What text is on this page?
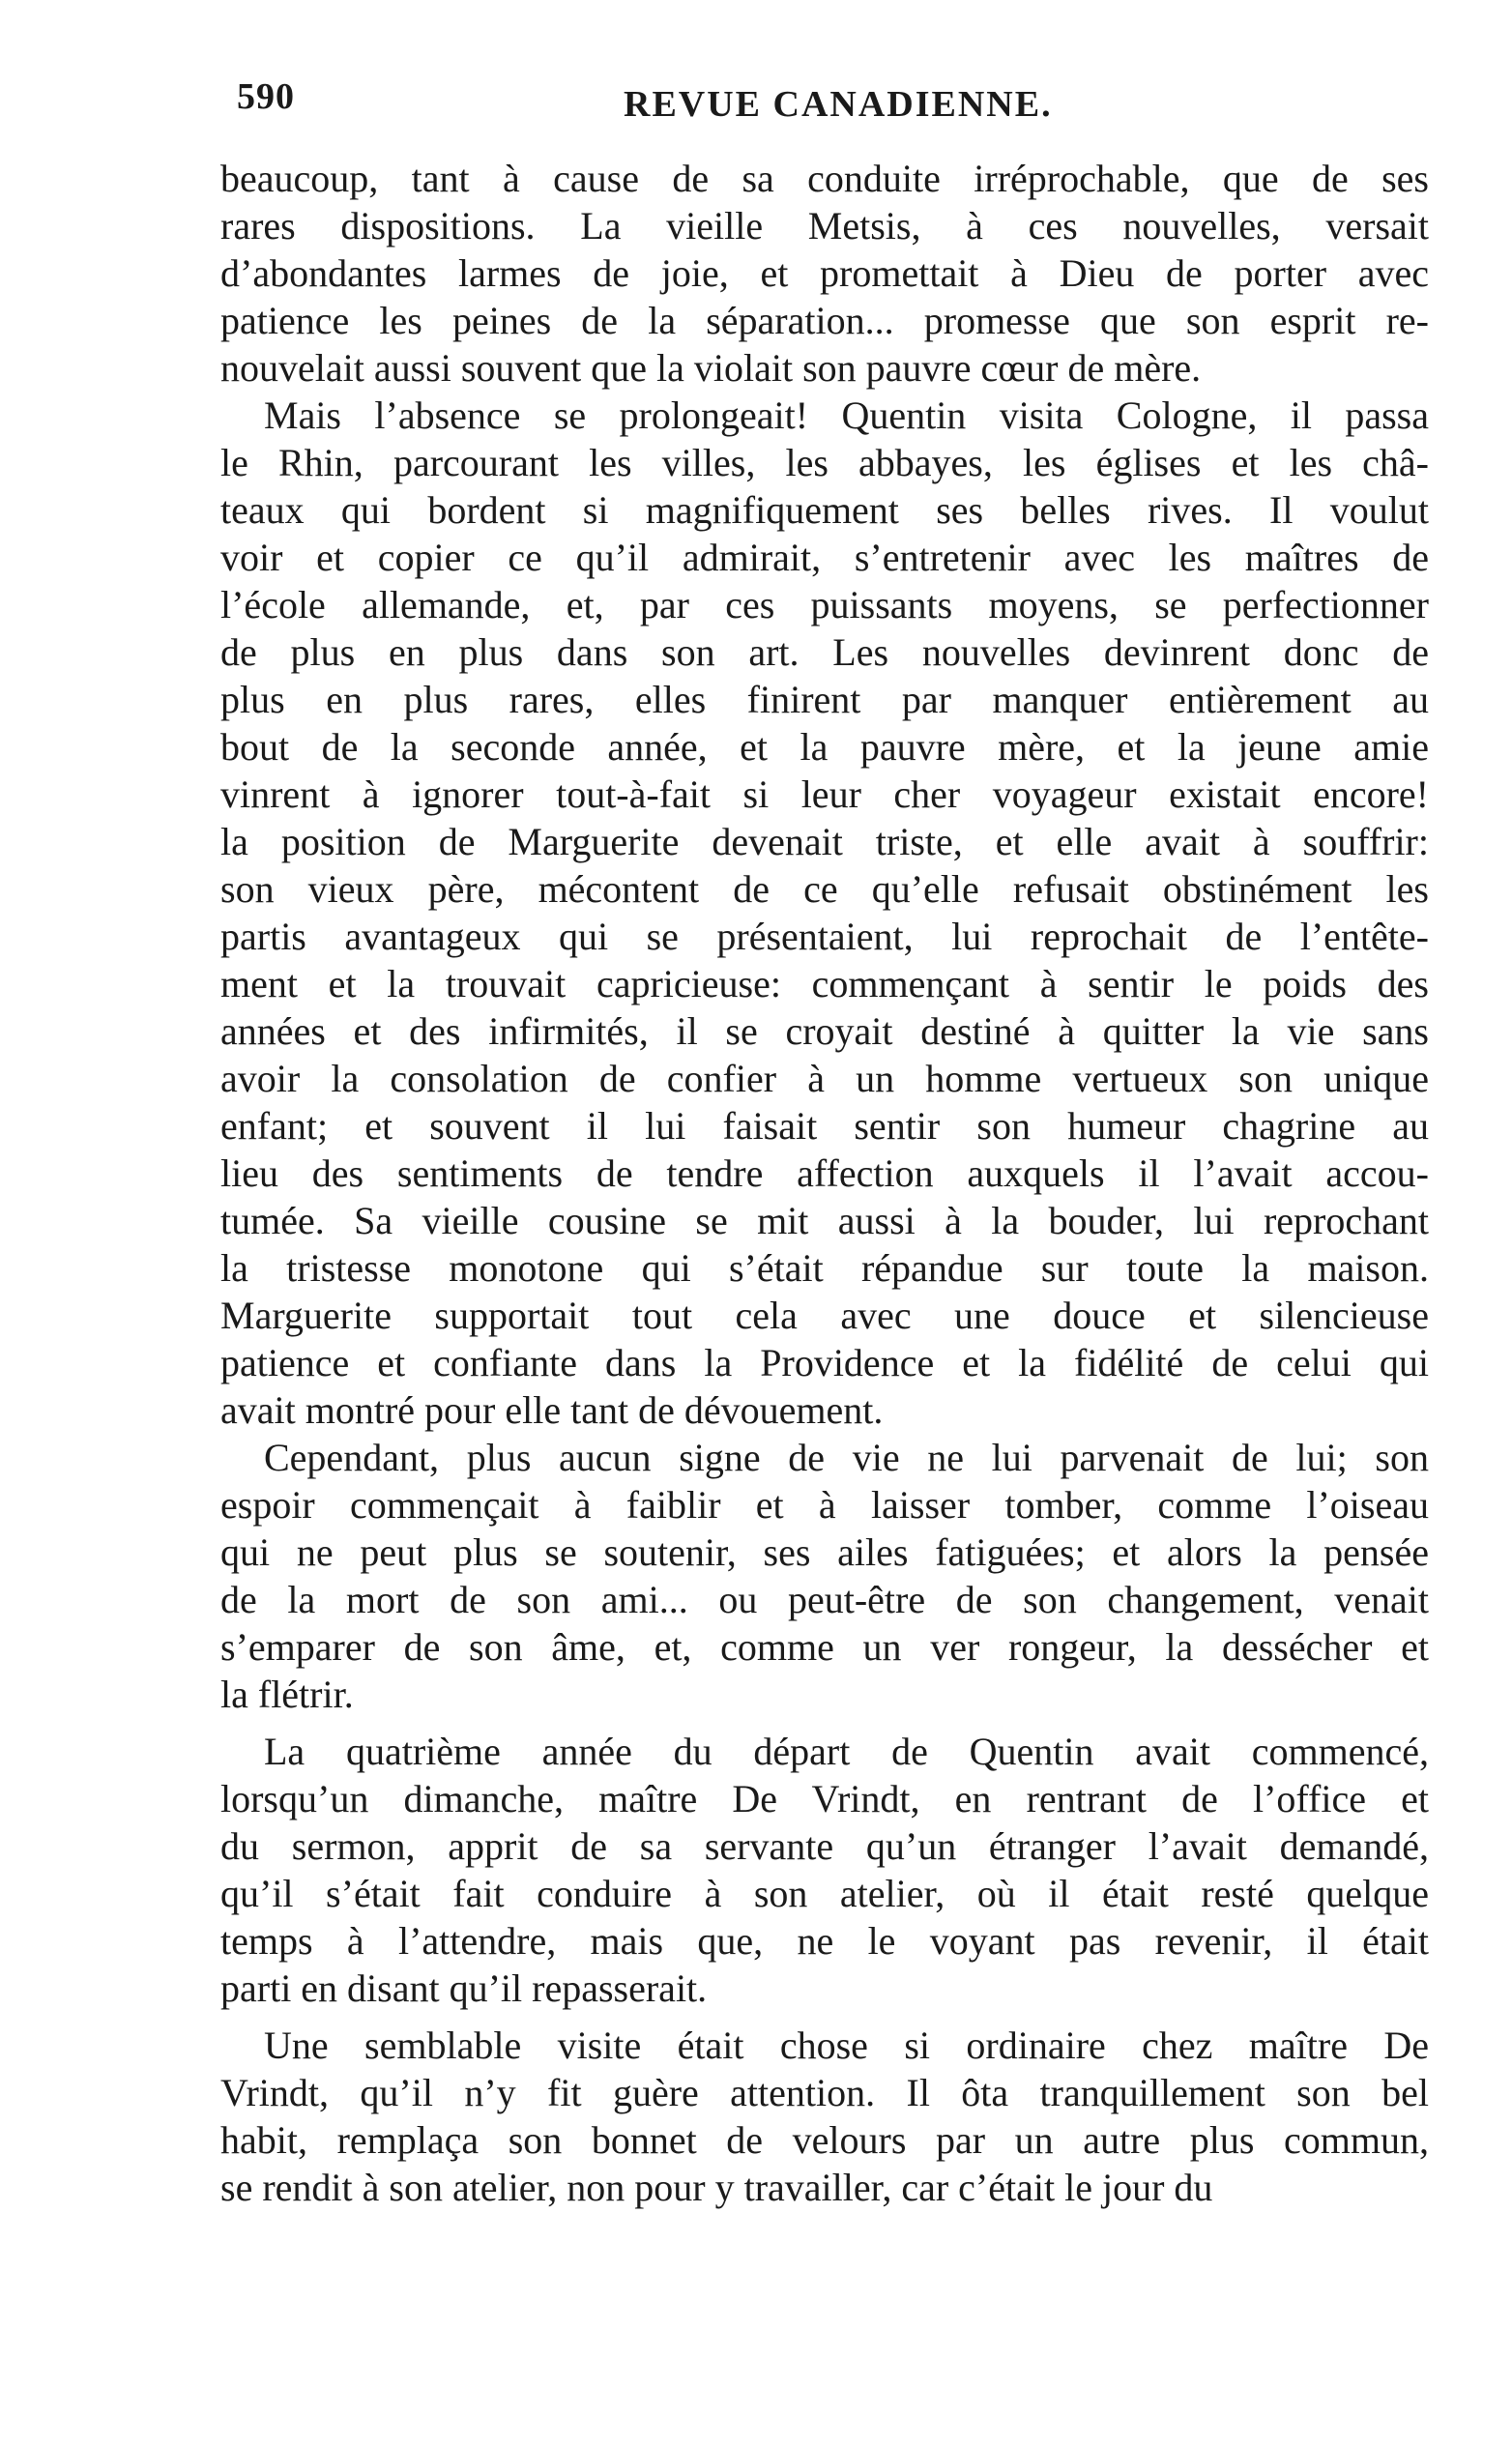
590	REVUE CANADIENNE.
beaucoup, tant à cause de sa conduite irréprochable, que de ses
rares dispositions. La vieille Metsis, à ces nouvelles, versait
d’abondantes larmes de joie, et promettait à Dieu de porter avec
patience les peines de la séparation... promesse que son esprit re-
nouvelait aussi souvent que la violait son pauvre cœur de mère.
Mais l’absence se prolongeait! Quentin visita Cologne, il passa
le Rhin, parcourant les villes, les abbayes, les églises et les châ-
teaux qui bordent si magnifiquement ses belles rives. Il voulut
voir et copier ce qu’il admirait, s’entretenir avec les maîtres de
l’école allemande, et, par ces puissants moyens, se perfectionner
de plus en plus dans son art. Les nouvelles devinrent donc de
plus en plus rares, elles finirent par manquer entièrement au
bout de la seconde année, et la pauvre mère, et la jeune amie
vinrent à ignorer tout-à-fait si leur cher voyageur existait encore!
la position de Marguerite devenait triste, et elle avait à souffrir:
son vieux père, mécontent de ce qu’elle refusait obstinément les
partis avantageux qui se présentaient, lui reprochait de l’entête-
ment et la trouvait capricieuse: commençant à sentir le poids des
années et des infirmités, il se croyait destiné à quitter la vie sans
avoir la consolation de confier à un homme vertueux son unique
enfant; et souvent il lui faisait sentir son humeur chagrine au
lieu des sentiments de tendre affection auxquels il l’avait accou-
tumée. Sa vieille cousine se mit aussi à la bouder, lui reprochant
la tristesse monotone qui s’était répandue sur toute la maison.
Marguerite supportait tout cela avec une douce et silencieuse
patience et confiante dans la Providence et la fidélité de celui qui
avait montré pour elle tant de dévouement.
Cependant, plus aucun signe de vie ne lui parvenait de lui; son
espoir commençait à faiblir et à laisser tomber, comme l’oiseau
qui ne peut plus se soutenir, ses ailes fatiguées; et alors la pensée
de la mort de son ami... ou peut-être de son changement, venait
s’emparer de son âme, et, comme un ver rongeur, la dessécher et
la flétrir.
La quatrième année du départ de Quentin avait commencé,
lorsqu’un dimanche, maître De Vrindt, en rentrant de l’office et
du sermon, apprit de sa servante qu’un étranger l’avait demandé,
qu’il s’était fait conduire à son atelier, où il était resté quelque
temps à l’attendre, mais que, ne le voyant pas revenir, il était
parti en disant qu’il repasserait.
Une semblable visite était chose si ordinaire chez maître De
Vrindt, qu’il n’y fit guère attention. Il ôta tranquillement son bel
habit, remplaça son bonnet de velours par un autre plus commun,
se rendit à son atelier, non pour y travailler, car c’était le jour du
